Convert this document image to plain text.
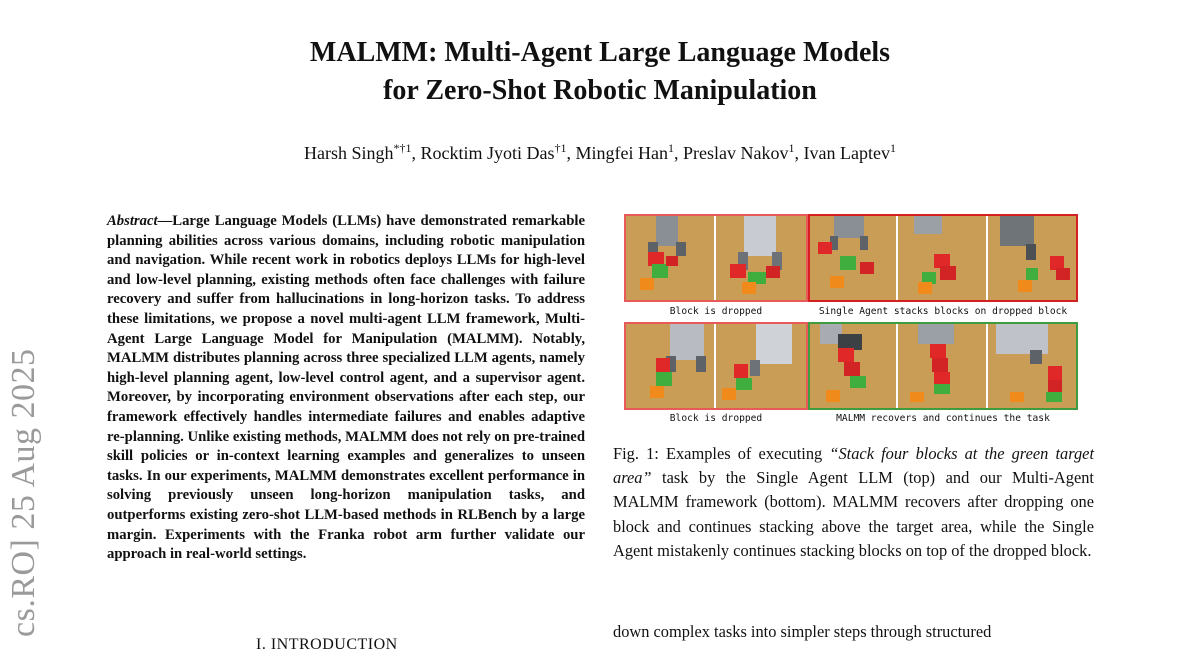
MALMM: Multi-Agent Large Language Models
for Zero-Shot Robotic Manipulation
Harsh Singh$^{*\dagger 1}$, Rocktim Jyoti Das$^{\dagger 1}$, Mingfei Han$^1$, Preslav Nakov$^1$, Ivan Laptev$^1$
cs.RO] 25 Aug 2025
Abstract—Large Language Models (LLMs) have demonstrated remarkable planning abilities across various domains, including robotic manipulation and navigation. While recent work in robotics deploys LLMs for high-level and low-level planning, existing methods often face challenges with failure recovery and suffer from hallucinations in long-horizon tasks. To address these limitations, we propose a novel multi-agent LLM framework, Multi-Agent Large Language Model for Manipulation (MALMM). Notably, MALMM distributes planning across three specialized LLM agents, namely high-level planning agent, low-level control agent, and a supervisor agent. Moreover, by incorporating environment observations after each step, our framework effectively handles intermediate failures and enables adaptive re-planning. Unlike existing methods, MALMM does not rely on pre-trained skill policies or in-context learning examples and generalizes to unseen tasks. In our experiments, MALMM demonstrates excellent performance in solving previously unseen long-horizon manipulation tasks, and outperforms existing zero-shot LLM-based methods in RLBench by a large margin. Experiments with the Franka robot arm further validate our approach in real-world settings.
I. INTRODUCTION
Block is dropped	Single Agent stacks blocks on dropped block
Block is dropped	MALMM recovers and continues the task
Fig. 1: Examples of executing “Stack four blocks at the green target area” task by the Single Agent LLM (top) and our Multi-Agent MALMM framework (bottom). MALMM recovers after dropping one block and continues stacking above the target area, while the Single Agent mistakenly continues stacking blocks on top of the dropped block.
down complex tasks into simpler steps through structured
